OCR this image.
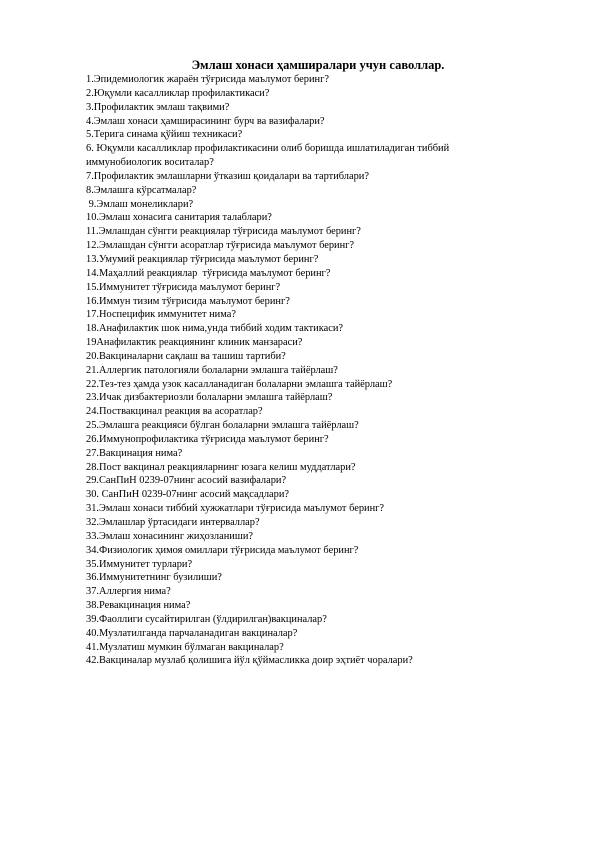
Эмлаш хонаси ҳамширалари учун саволлар.
1.Эпидемиологик жараён тўғрисида маълумот беринг?
2.Юқумли касалликлар профилактикаси?
3.Профилактик эмлаш тақвими?
4.Эмлаш хонаси ҳамширасининг бурч ва вазифалари?
5.Терига синама қўйиш техникаси?
6. Юқумли касалликлар профилактикасини олиб боришда ишлатиладиган тиббий иммунобиологик воситалар?
7.Профилактик эмлашларни ўтказиш қоидалари ва тартиблари?
8.Эмлашга кўрсатмалар?
9.Эмлаш монеликлари?
10.Эмлаш хонасига санитария талаблари?
11.Эмлашдан сўнгги реакциялар тўғрисида маълумот беринг?
12.Эмлашдан сўнгги асоратлар тўғрисида маълумот беринг?
13.Умумий реакциялар тўғрисида маълумот беринг?
14.Маҳаллий реакциялар  тўғрисида маълумот беринг?
15.Иммунитет тўғрисида маълумот беринг?
16.Иммун тизим тўғрисида маълумот беринг?
17.Носпецифик иммунитет нима?
18.Анафилактик шок нима,унда тиббий ходим тактикаси?
19Анафилактик реакциянинг клиник манзараси?
20.Вакциналарни сақлаш ва ташиш тартиби?
21.Аллергик патологияли болаларни эмлашга тайёрлаш?
22.Тез-тез ҳамда узок касалланадиган болаларни эмлашга тайёрлаш?
23.Ичак дизбактериозли болаларни эмлашга тайёрлаш?
24.Поствакцинал реакция ва асоратлар?
25.Эмлашга реакцияси бўлган болаларни эмлашга тайёрлаш?
26.Иммунопрофилактика тўғрисида маълумот беринг?
27.Вакцинация нима?
28.Пост вакцинал реакцияларнинг юзага келиш муддатлари?
29.СанПиН 0239-07нинг асосий вазифалари?
30. СанПиН 0239-07нинг асосий мақсадлари?
31.Эмлаш хонаси тиббий хужжатлари тўғрисида маълумот беринг?
32.Эмлашлар ўртасидаги интерваллар?
33.Эмлаш хонасининг жиҳозланиши?
34.Физиологик ҳимоя омиллари тўғрисида маълумот беринг?
35.Иммунитет турлари?
36.Иммунитетнинг бузилиши?
37.Аллергия нима?
38.Ревакцинация нима?
39.Фаоллиги сусайтирилган (ўлдирилган)вакциналар?
40.Музлатилганда парчаланадиган вакциналар?
41.Музлатиш мумкин бўлмаган вакциналар?
42.Вакциналар музлаб қолишига йўл қўймасликка доир эҳтиёт чоралари?
